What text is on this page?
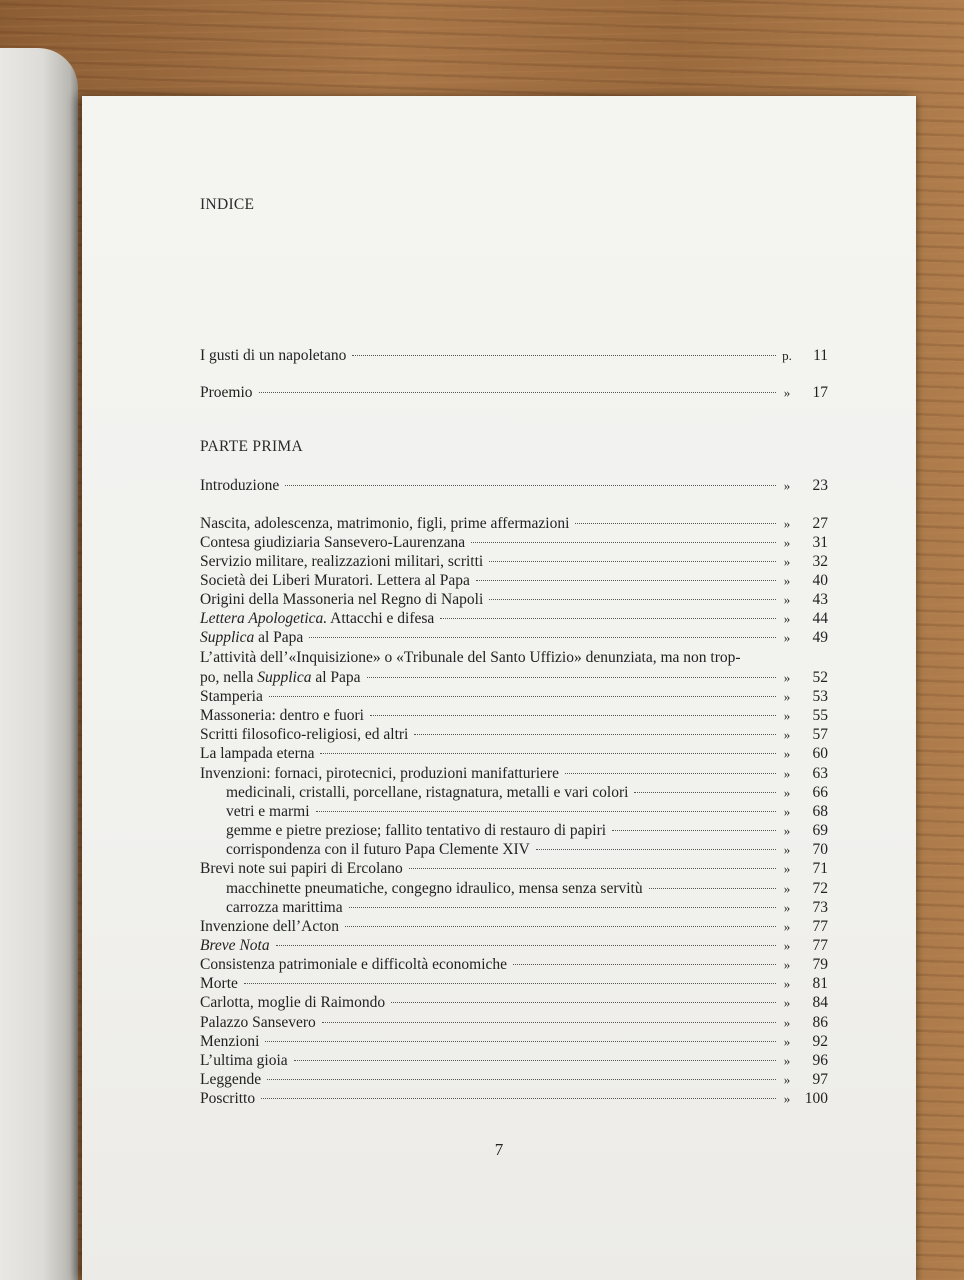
INDICE
I gusti di un napoletano	p.	11
Proemio	»	17
PARTE PRIMA
Introduzione	»	23
Nascita, adolescenza, matrimonio, figli, prime affermazioni	»	27
Contesa giudiziaria Sansevero-Laurenzana	»	31
Servizio militare, realizzazioni militari, scritti	»	32
Società dei Liberi Muratori. Lettera al Papa	»	40
Origini della Massoneria nel Regno di Napoli	»	43
Lettera Apologetica. Attacchi e difesa	»	44
Supplica al Papa	»	49
L’attività dell’«Inquisizione» o «Tribunale del Santo Uffizio» denunziata, ma non trop-
po, nella Supplica al Papa	»	52
Stamperia	»	53
Massoneria: dentro e fuori	»	55
Scritti filosofico-religiosi, ed altri	»	57
La lampada eterna	»	60
Invenzioni: fornaci, pirotecnici, produzioni manifatturiere	»	63
medicinali, cristalli, porcellane, ristagnatura, metalli e vari colori	»	66
vetri e marmi	»	68
gemme e pietre preziose; fallito tentativo di restauro di papiri	»	69
corrispondenza con il futuro Papa Clemente XIV	»	70
Brevi note sui papiri di Ercolano	»	71
macchinette pneumatiche, congegno idraulico, mensa senza servitù	»	72
carrozza marittima	»	73
Invenzione dell’Acton	»	77
Breve Nota	»	77
Consistenza patrimoniale e difficoltà economiche	»	79
Morte	»	81
Carlotta, moglie di Raimondo	»	84
Palazzo Sansevero	»	86
Menzioni	»	92
L’ultima gioia	»	96
Leggende	»	97
Poscritto	» 100
7
